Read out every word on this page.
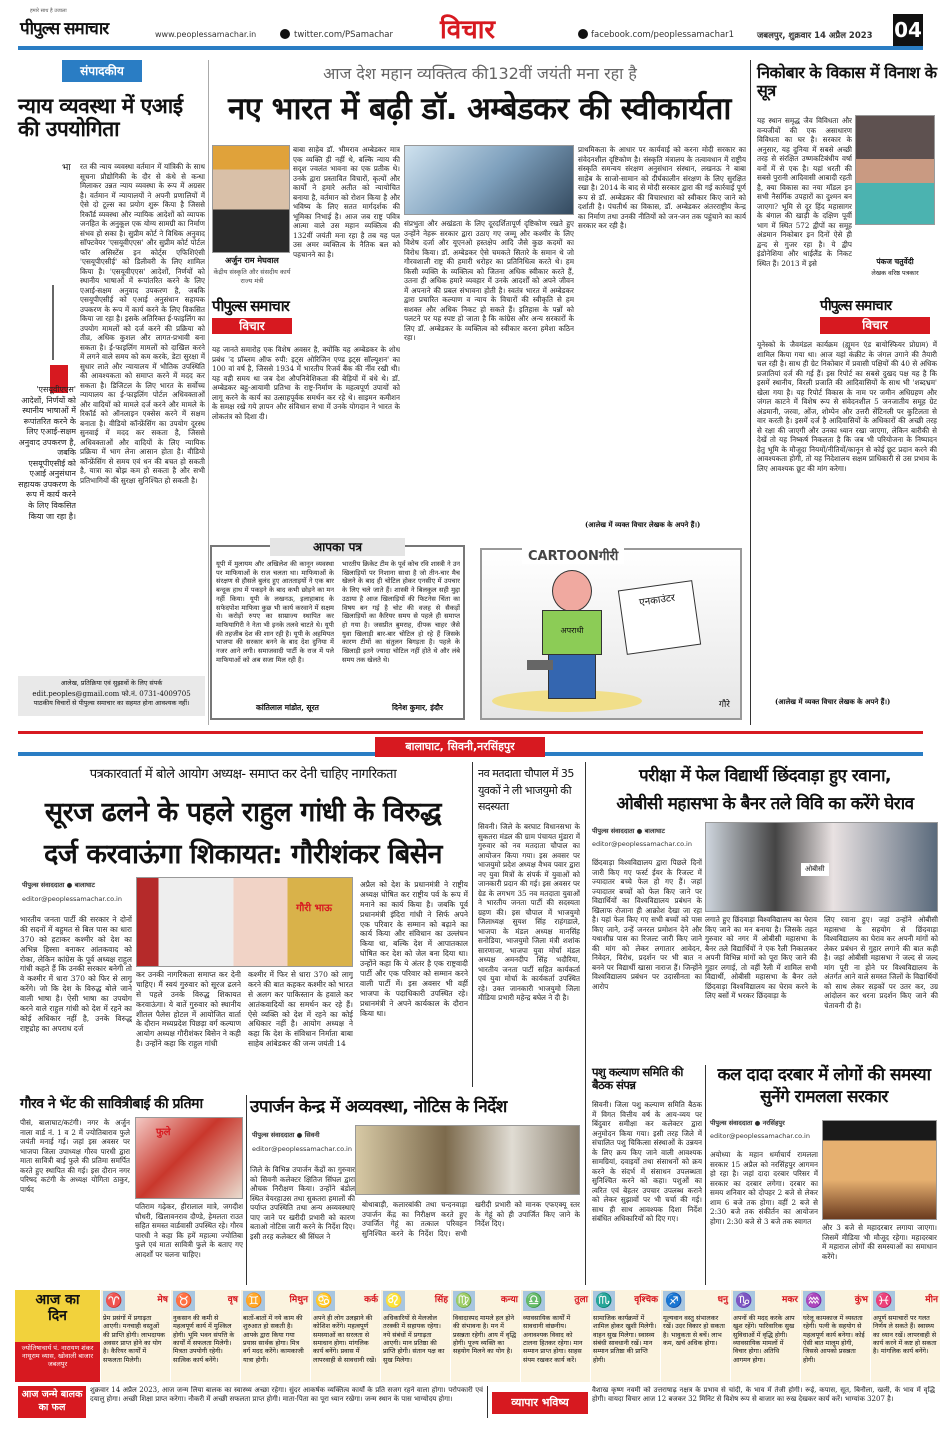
हमारे साथ है उजाला
पीपुल्स समाचार	www.peoplessamachar.in	twitter.com/PSamachar विचार	facebook.com/peoplessamachar1	जबलपुर, शुक्रवार 14 अप्रैल 2023 04
संपादकीय
न्याय व्यवस्था में एआई की उपयोगिता
भा रत की न्याय व्यवस्था वर्तमान में यांत्रिकी के साथ सूचना प्रौद्योगिकी के दौर से कंधे से कन्धा मिलाकर उन्नत न्याय व्यवस्था के रूप में अग्रसर है। वर्तमान में न्यायालयों ने अपनी प्रणालियों में ऐसे दो टूल्स का प्रयोग शुरू किया है जिससे रिकॉर्ड व्यवस्था और न्यायिक आदेशों को व्यापक जनहित के अनुकूल एक योग्य सामग्री का निर्माण संभव हो सका है। सुप्रीम कोर्ट ने विधिक अनुवाद सॉफ्टवेयर 'एसयूवीएएस' और सुप्रीम कोर्ट पोर्टल फॉर असिस्टेंस इन कोर्ट्स एफिशिएंसी 'एसयूपीएसीई' को डिलीवरी के लिए शामिल किया है। 'एसयूवीएएस' आदेशों, निर्णयों को स्थानीय भाषाओं में रूपांतरित करने के लिए एआई-सक्षम अनुवाद उपकरण है, जबकि एसयूपीएसीई को एआई अनुसंधान सहायक उपकरण के रूप में कार्य करने के लिए विकसित किया जा रहा है। इसके अतिरिक्त ई-फाइलिंग का उपयोग मामलों को दर्ज करने की प्रक्रिया को तीव्र, अधिक कुशल और लागत-प्रभावी बना सकता है। ई-फाइलिंग मामलों को दाखिल करने में लगने वाले समय को कम करके, डेटा सुरक्षा में सुधार लाते और न्यायालय में भौतिक उपस्थिति की आवश्यकता को समाप्त करने में मदद कर सकता है। डिजिटल के लिए भारत के सर्वोच्च न्यायालय का ई-फाइलिंग पोर्टल अधिवक्ताओं और वादियों को मामले दर्ज करने और मामले के रिकॉर्ड को ऑनलाइन एक्सेस करने में सक्षम बनाता है। वीडियो कॉन्फ्रेंसिंग का उपयोग दूरस्थ सुनवाई में मदद कर सकता है, जिससे अधिवक्ताओं और वादियों के लिए न्यायिक प्रक्रिया में भाग लेना आसान होता है। वीडियो कॉन्फ्रेंसिंग से समय एवं धन की बचत हो सकती है, यात्रा का बोझ कम हो सकता है और सभी प्रतिभागियों की सुरक्षा सुनिश्चित हो सकती है।
'एसयूवीएएस' आदेशों, निर्णयों को स्थानीय भाषाओं में रूपांतरित करने के लिए एआई-सक्षम अनुवाद उपकरण है, जबकि एसयूपीएसीई को एआई अनुसंधान सहायक उपकरण के रूप में कार्य करने के लिए विकसित किया जा रहा है।
आलेख, प्रतिक्रिया एवं सुझावों के लिए संपर्क
edit.peoples@gmail.com फो.नं. 0731-4009705
पाठकीय विचारों से पीपुल्स समाचार का सहमत होना आवश्यक नहीं।
आज देश महान व्यक्तित्व की132वीं जयंती मना रहा है
नए भारत में बढ़ी डॉ. अम्बेडकर की स्वीकार्यता
अर्जुन राम मेघवाल
केंद्रीय संस्कृति और संसदीय कार्य राज्य मंत्री
पीपुल्स समाचार
विचार
बाबा साहेब डॉ. भीमराव अम्बेडकर मात्र एक व्यक्ति ही नहीं थे, बल्कि न्याय की सदृश ज्वलंत भावना का एक प्रतीक थे। उनके द्वारा प्रस्तावित विचारों, कृत्यों और कार्यों ने हमारे अतीत को न्यायोचित बनाया है, वर्तमान को रोशन किया है और भविष्य के लिए सतत मार्गदर्शक की भूमिका निभाई है। आज जब राष्ट्र पवित्र आत्मा वाले उस महान व्यक्तित्व की 132वीं जयंती मना रहा है तब यह पल उस अमर व्यक्तित्व के नैतिक बल को पहचानने का है।
यह जानते समारोह एक विशेष अवसर है, क्योंकि यह अम्बेडकर के शोध प्रबंध 'द प्रॉब्लम ऑफ रुपी: इट्स ओरिजिन एण्ड इट्स सॉल्यूशन' का 100 वां वर्ष है, जिससे 1934 में भारतीय रिजर्व बैंक की नींव रखी थी। यह वही समय था जब देश औपनिवेशिकता की बेड़ियों में बंधे थे। डॉ. अम्बेडकर बहु-आयामी प्रतिभा के राष्ट्र-निर्माण के महत्वपूर्ण उपायों को लागू करने के कार्य का उत्साहपूर्वक समर्थन कर रहे थे। साइमन कमीशन के समक्ष रखे गये ज्ञापन और संविधान सभा में उनके योगदान ने भारत के लोकतंत्र को दिशा दी।
संप्रभुता और अखंडता के लिए दूरदर्शितापूर्ण दृष्टिकोण रखते हुए उन्होंने नेहरू सरकार द्वारा उठाए गए जम्मू और कश्मीर के लिए विशेष दर्जा और यूएनओ हस्तक्षेप आदि जैसे कुछ कदमों का विरोध किया। डॉ. अम्बेडकर ऐसे चमकते सितारे के समान थे जो गौरवशाली राष्ट्र की हमारी धरोहर का प्रतिनिधित्व करते थे। हम किसी व्यक्ति के व्यक्तित्व को जितना अधिक स्वीकार करते हैं, उतना ही अधिक हमारे व्यवहार में उनके आदर्शों को अपने जीवन में अपनाने की प्रबल संभावना होती है। स्वतंत्र भारत में अम्बेडकर द्वारा प्रचारित कल्याण व न्याय के विचारों की स्वीकृति से हम सशक्त और अधिक निकट हो सकते हैं। इतिहास के पन्नों को पलटने पर यह स्पष्ट हो जाता है कि कांग्रेस और अन्य सरकारों के लिए डॉ. अम्बेडकर के व्यक्तित्व को स्वीकार करना हमेशा कठिन रहा।
प्राथमिकता के आधार पर कार्यवाई को करना मोदी सरकार का संवेदनशील दृष्टिकोण है। संस्कृति मंत्रालय के तत्वावधान में राष्ट्रीय संस्कृति समन्वय संरक्षण अनुसंधान संस्थान, लखनऊ ने बाबा साहेब के साजो-सामान को दीर्घकालीन संरक्षण के लिए सुरक्षित रखा है। 2014 के बाद से मोदी सरकार द्वारा की गई कार्रवाई पूर्ण रूप से डॉ. अम्बेडकर की विचारधारा को स्वीकार किए जाने को दर्शाती है। पंचतीर्थ का विकास, डॉ. अम्बेडकर अंतरराष्ट्रीय केन्द्र का निर्माण तथा उनकी नीतियों को जन-जन तक पहुंचाने का कार्य सरकार कर रही है।
(आलेख में व्यक्त विचार लेखक के अपने हैं।)
निकोबार के विकास में विनाश के सूत्र
यह स्थान समृद्ध जैव विविधता और वन्यजीवों की एक असाधारण विविधता का घर है। सरकार के अनुसार, यह दुनिया में सबसे अच्छी तरह से संरक्षित उष्णकटिबंधीय वर्षा वनों में से एक है। यहां धरती की सबसे पुरानी आदिवासी आबादी रहती है, क्या विकास का नया मॉडल इन सभी नैसर्गिक उपहारों का दुश्मन बन जाएगा? भूमि से दूर हिंद महासागर के बंगाल की खाड़ी के दक्षिण पूर्वी भाग में स्थित 572 द्वीपों का समूह अंडमान निकोबार इन दिनों ऐसे ही द्वन्द से गुजर रहा है। ये द्वीप इंडोनेशिया और थाईलैंड के निकट स्थित हैं। 2013 में इसे	पंकज चतुर्वेदी
लेखक वरिष्ठ पत्रकार
पीपुल्स समाचार
विचार
यूनेस्को के जैवमंडल कार्यक्रम (ह्यूमन एंड बायोस्फियर प्रोग्राम) में शामिल किया गया था। आज यहां कंक्रीट के जंगल उगाने की तैयारी चल रही है। साथ ही ग्रेट निकोबार में प्रवासी पक्षियों की 40 से अधिक प्रजातियां दर्ज की गई हैं। इस रिपोर्ट का सबसे दुखद पक्ष यह है कि इसमें स्थानीय, विरली प्रजाति की आदिवासियों के साथ भी 'शब्दभ्रम' खेला गया है। यह रिपोर्ट विकास के नाम पर जमीन अधिग्रहण और जंगल काटने में विशेष रूप से संवेदनशील 5 जनजातीय समूह ग्रेट अंडमानी, जरवा, ओंज, शोम्पेन और उत्तरी सेंटिनली पर कुटिलता से वार करती है। इसमें दर्ज है आदिवासियों के अधिकारों की अच्छी तरह से रक्षा की जाएगी और उनका ध्यान रखा जाएगा, लेकिन बारीकी से देखें तो यह निष्कर्ष निकलता है कि जब भी परियोजना के निष्पादन हेतु भूमि के मौजूदा नियमों/नीतियों/कानून से कोई छूट प्रदान करने की आवश्यकता होगी, तो यह निदेशालय सक्षम प्राधिकारी से उस प्रभाव के लिए आवश्यक छूट की मांग करेगा।
(आलेख में व्यक्त विचार लेखक के अपने हैं।)
आपका पत्र
यूपी में मुलायम और अखिलेश की कानून व्यवस्था पर माफियाओं के राज चलता था। माफियाओं के संरक्षण से हौसले बुलंद हुए आतताइयों ने एक बार बन्दूक हाथ में पकड़ने के बाद कभी छोड़ने का मन नहीं किया। यूपी के लखनऊ, इलाहाबाद के सफेदपोश माफिया कुछ भी कार्य करवाने में सक्षम थे। करोड़ों रुपए का साम्राज्य स्थापित कर माफियागिरी ने नेता भी इनके तलवे चाटते थे। यूपी की तहजीब देश की शान रही है। यूपी के अहमियत भाजपा की सरकार बनने के बाद देश दुनिया में नजर आने लगी। समाजवादी पार्टी के राज में पले माफियाओं को अब सजा मिल रही है।
कांतिलाल मांडोत, सूरत
भारतीय क्रिकेट टीम के पूर्व कोच रवि शास्त्री ने उन खिलाड़ियों पर निशाना साधा है जो तीन-चार मैच खेलने के बाद ही चोटिल होकर एनसीए में उपचार के लिए चले जाते हैं। शास्त्री ने बिलकुल सही मुद्दा उठाया है आज खिलाड़ियों की फिटनेस चिंता का विषय बन गई है चोट की वजह से सैकड़ों खिलाड़ियों का कैरियर समय से पहले ही समाप्त हो गया है। जसप्रीत बुमराह, दीपक चाहर जैसे युवा खिलाड़ी बार-बार चोटिल हो रहे हैं जिसके कारण टीमों का संतुलन बिगड़ता है। पहले के खिलाड़ी इतने ज्यादा चोटिल नहीं होते थे और लंबे समय तक खेलते थे।
दिनेश कुमार, इंदौर
CARTOONगीरी
अपराधी
एनकाउंटर
गौरे
बालाघाट, सिवनी,नरसिंहपुर
पत्रकारवार्ता में बोले आयोग अध्यक्ष- समाप्त कर देनी चाहिए नागरिकता
सूरज ढलने के पहले राहुल गांधी के विरुद्ध
दर्ज करवाऊंगा शिकायत: गौरीशंकर बिसेन
पीपुल्स संवाददाता ● बालाघाट
editor@peoplessamachar.co.in
भारतीय जनता पार्टी की सरकार ने दोनों की सदनों में बहुमत से बिल पास का धारा 370 को हटाकर कश्मीर को देश का अभिन्न हिस्सा बनाकर आंतकवाद को रोका, लेकिन कांग्रेस के पूर्व अध्यक्ष राहुल गांधी कहते हैं कि उनकी सरकार बनेगी तो वे कश्मीर में धारा 370 को फिर से लागू करेंगे। जो कि देश के विरुद्ध बोले जाने वाली भाषा है। ऐसी भाषा का उपयोग करने वाले राहुल गांधी को देश में रहने का कोई अधिकार नहीं है, उनके विरुद्ध राष्ट्रद्रोह का अपराध दर्ज
गौरी भाऊ
कर उनकी नागरिकता समाप्त कर देनी चाहिए। मैं स्वयं गुरुवार को सूरज ढलने से पहले उनके विरुद्ध शिकायत करवाऊंगा। ये बातें गुरुवार को स्थानीय शीतल पैलेस होटल में आयोजित वार्ता के दौरान मध्यप्रदेश पिछड़ा वर्ग कल्याण आयोग अध्यक्ष गौरीशंकर बिसेन ने कही है। उन्होंने कहा कि राहुल गांधी
कश्मीर में फिर से धारा 370 को लागू करने की बात कहकर कश्मीर को भारत से अलग कर पाकिस्तान के हवाले कर आतंकवादियों का समर्थन कर रहे हैं। ऐसे व्यक्ति को देश में रहने का कोई अधिकार नहीं है। आयोग अध्यक्ष ने कहा कि देश के संविधान निर्माता बाबा साहेब आंबेडकर की जन्म जयंती 14
अप्रैल को देश के प्रधानमंत्री ने राष्ट्रीय अध्यक्ष घोषित कर राष्ट्रीय पर्व के रूप में मनाने का कार्य किया है। जबकि पूर्व प्रधानमंत्री इंदिरा गांधी ने सिर्फ अपने एक परिवार के सम्मान को बढ़ाने का कार्य किया और संविधान का उल्लंघन किया था, बल्कि देश में आपातकाल घोषित कर देश को जेल बना दिया था। उन्होंने कहा कि ये अंतर है एक राष्ट्रवादी पार्टी और एक परिवार को सम्मान करने वाली पार्टी में। इस अवसर भी वहीं भाजपा के पदाधिकारी उपस्थित रहे। प्रधानमंत्री ने अपने कार्यकाल के दौरान किया था।
नव मतदाता चौपाल में 35 युवकों ने ली भाजयुमो की सदस्यता
सिवनी। जिले के बरघाट विधानसभा के सुकतरा मंडल की ग्राम पंचायत मुंडारा में गुरुवार को नव मतदाता चौपाल का आयोजन किया गया। इस अवसर पर भाजयुमो प्रदेश अध्यक्ष वैभव पवार द्वारा नए युवा मित्रों के संपर्क में युवाओं को जानकारी प्रदान की गई। इस अवसर पर ग्रेड के लगभग 35 नव मतदाता युवाओं ने भारतीय जनता पार्टी की सदस्यता ग्रहण की। इस चौपाल में भाजयुमो जिलाध्यक्ष सुयश सिंह राहंगडाले, भाजपा के मंडल अध्यक्ष मानसिंह सनोडिया, भाजयुमो जिला मंत्री शशांक सारणाजा, भाजपा युवा मोर्चा मंडल अध्यक्ष अमनदीप सिंह भदौरिया, भारतीय जनता पार्टी सहित कार्यकर्ता एवं युवा मोर्चा के कार्यकर्ता उपस्थित रहे। उक्त जानकारी भाजयुमो जिला मीडिया प्रभारी महेन्द्र बघेल ने दी है।
परीक्षा में फेल विद्यार्थी छिंदवाड़ा हुए रवाना,
ओबीसी महासभा के बैनर तले विवि का करेंगे घेराव
पीपुल्स संवाददाता ● बालाघाट
editor@peoplessamachar.co.in
छिंदवाड़ा विश्वविद्यालय द्वारा पिछले दिनों जारी किए गए फर्स्ट ईयर के रिजल्ट में ज्यादातर बच्चे फेल हो गए हैं। जहां ज्यादातर बच्चों को फेल किए जाने पर विद्यार्थियों का विश्वविद्यालय प्रबंधन के खिलाफ रोजाना ही आक्रोश देखा जा रहा है। यहां फेल किए गए सभी बच्चों को पास किए जाने, उन्हें जनरल प्रमोशन देने और यथाशीघ्र पास का रिजल्ट जारी किए जाने की मांग को लेकर लगातार आवेदन, निवेदन, विरोध, प्रदर्शन पर भी बात न बनने पर विद्यार्थी खासा नाराज हैं। जिन्होंने विश्वविद्यालय प्रबंधन पर उदासीनता का आरोप
ओबीसी
लगाते हुए छिंदवाड़ा विश्वविद्यालय का घेराव किए जाने का मन बनाया है। जिसके तहत गुरुवार को नगर में ओबीसी महासभा के बैनर तले विद्यार्थियों ने एक रैली निकालकर अपनी विभिन्न मांगों को पूरा किए जाने की गुहार लगाई, तो वहीं रैली में शामिल सभी विद्यार्थी, ओबीसी महासभा के बैनर तले छिंदवाड़ा विश्वविद्यालय का घेराव करने के लिए बसों में भरकर छिंदवाड़ा के
लिए रवाना हुए। जहां उन्होंने ओबीसी महासभा के सहयोग से छिंदवाड़ा विश्वविद्यालय का घेराव कर अपनी मांगों को लेकर प्रबंधन से गुहार लगाने की बात कही है। जहां ओबीसी महासभा ने जल्द से जल्द मांग पूरी ना होने पर विश्वविद्यालय के अंतर्गत आने वाले समस्त जिलों के विद्यार्थियों को साथ लेकर सड़कों पर उतर कर, उग्र आंदोलन कर धरना प्रदर्शन किए जाने की चेतावनी दी है।
पशु कल्याण समिति की बैठक संपन्न
सिवनी। जिला पशु कल्याण समिति बैठक में विगत वित्तीय वर्ष के आय-व्यय पर बिंदुवार समीक्षा कर कलेक्टर द्वारा अनुमोदन किया गया। इसी तरह जिले में संचालित पशु चिकित्सा संस्थाओं के उन्नयन के लिए क्रय किए जाने वाली आवश्यक सामग्रियां, दवाइयों तथा संसाधनों को क्रय करने के संदर्भ में संसाधन उपलब्धता सुनिश्चित करने को कहा। पशुओं का त्वरित एवं बेहतर उपचार उपलब्ध कराने को लेकर सुझावों पर भी चर्चा की गई। साथ ही साथ आवश्यक दिशा निर्देश संबंधित अधिकारियों को दिए गए।
कल दादा दरबार में लोगों की समस्या सुनेंगे रामलला सरकार
पीपुल्स संवाददाता ● नरसिंहपुर
editor@peoplessamachar.co.in
अयोध्या के महान धर्माचार्य रामलला सरकार 15 अप्रैल को नरसिंहपुर आगमन हो रहा है। जहां दादा दरबार परिसर में सरकार का दरबार लगेगा। दरबार का समय शनिवार को दोपहर 2 बजे से लेकर शाम 6 बजे तक होगा। वहीं 2 बजे से 2:30 बजे तक संकीर्तन का आयोजन होगा। 2:30 बजे से 3 बजे तक स्वागत
और 3 बजे से महादरबार लगाया जाएगा। जिसमें मीडिया भी मौजूद रहेगा। महादरबार में महाराज लोगों की समस्याओं का समाधान करेंगे।
गौरव ने भेंट की सावित्रीबाई की प्रतिमा
पीसं, बालाघाट/कटंगी। नगर के अर्जुन नाला वार्ड नं. 1 व 2 में ज्योतिबाराव फुले जयंती मनाई गई। जहां इस अवसर पर भाजपा जिला उपाध्यक्ष गौरव पारधी द्वारा माता सावित्री बाई फुले की प्रतिमा समर्पित करते हुए स्थापित की गई। इस दौरान नगर परिषद कटंगी के अध्यक्ष योगिता ठाकुर, पार्षद
फुले
पतिराम गढ़ेकर, हीरालाल मात्रे, जगदीश चौधरी, खिलावनराव दौण्डे, हेमलता राउत सहित समस्त वार्डवासी उपस्थित रहे। गौरव पारधी ने कहा कि हमें महात्मा ज्योतिबा फुले एवं माता सावित्री फुले के बताए गए आदर्शों पर चलना चाहिए।
उपार्जन केन्द्र में अव्यवस्था, नोटिस के निर्देश
पीपुल्स संवाददाता ● सिवनी
editor@peoplessamachar.co.in
जिले के विभिन्न उपार्जन केंद्रों का गुरुवार को सिवनी कलेक्टर क्षितिज सिंघल द्वारा औचक निरीक्षण किया। उन्होंने बंडोल स्थित वेयरहाउस तथा सुकतरा हमालों की पर्याप्त उपस्थिति तथा अन्य अव्यवस्थाएं पाए जाने पर खरीदी प्रभारी को कारण बताओ नोटिस जारी करने के निर्देश दिए। इसी तरह कलेक्टर श्री सिंघल ने
बोथाबाड़ी, कलारबांकी तथा चन्दनवाड़ा उपार्जन केंद्र का निरीक्षण करते हुए उपार्जित गेहूं का तत्काल परिवहन सुनिश्चित करने के निर्देश दिए। सभी खरीदी प्रभारी को मानक एफएक्यू स्तर के गेहूं को ही उपार्जित किए जाने के निर्देश दिए।
आज का दिन
ज्योतिषाचार्य पं. नारायण शंकर नाथूराम व्यास, खोवाली बाजार जबलपुर
♈	मेष
प्रेम प्रसंगों में प्रगाढ़ता आएगी। मनचाही वस्तुओं की प्राप्ति होगी। लाभदायक अवसर प्राप्त होने का योग है। कैरियर कार्यों में सफलता मिलेगी।
♉	वृष
नुकसान की कमी से महत्वपूर्ण कार्य में मुश्किल होगी। भूमि भवन संपत्ति के कार्यों में सफलता मिलेगी। मित्रता उपयोगी रहेगी। सात्विक कार्य बनेंगे।
♊	मिथुन
बातों-बातों में नये काम की शुरुआत हो सकती है। आपके द्वारा किया गया प्रयास सार्थक होगा। मित्र वर्ग मदद करेंगे। कामकाजी यात्रा होगी।
♋	कर्क
अपने ही लोग उलझाने की कोशिश करेंगे। महत्वपूर्ण समस्याओं का सरलता से समाधान होगा। मांगलिक कार्य बनेंगे। प्रवास में लापरवाही से सावधानी रखें।
♌	सिंह
अधिकारियों से मेलजोल तरक्की में सहायक रहेगा। नये संबंधों में प्रगाढ़ता आएगी। मान प्रतिष्ठा की प्राप्ति होगी। संतान पक्ष का सुख मिलेगा।
♍	कन्या
विवादास्पद मामले हल होने की संभावना है। मन में प्रसन्नता रहेगी। आय में वृद्धि होगी। पूज्य व्यक्ति का सहयोग मिलने का योग है।
♎	तुला
व्यावसायिक कार्यों में सावधानी वांछनीय। अनावश्यक विवाद को टालना हितकर रहेगा। मान सम्मान प्राप्त होगा। साहस संयम रखकर कार्य करें।
♏ वृश्चिक
सामाजिक कार्यक्रमों में शामिल होकर खुशी मिलेगी। वाहन सुख मिलेगा। स्वास्थ्य संबंधी सावधानी रखें। मान सम्मान प्रतिष्ठा की प्राप्ति होगी।
♐	धनु
मूल्यवान वस्तु संभालकर रखें। उदर विकार हो सकता है। भावुकता से बचें। लाभ कम, खर्च अधिक होगा।
♑	मकर
अपनों की मदद करके आप खुश रहेंगे। पारिवारिक सुख सुविधाओं में वृद्धि होगी। व्यावसायिक मामलों में विचार होगा। अतिथि आगमन होगा।
♒	कुंभ
घरेलू कामकाज में व्यस्तता रहेगी। पत्नी के सहयोग से महत्वपूर्ण कार्य बनेगा। कोई ऐसी बात मालूम होगी, जिससे आपको प्रसन्नता होगी।
♓	मीन
अपूर्ण समाचारों पर गलत निर्णय ले सकते हैं। स्वास्थ्य का ध्यान रखें। लापरवाही से कार्य करने में कष्ट हो सकता है। मांगलिक कार्य बनेंगे।
आज जन्मे बालक का फल
शुक्रवार 14 अप्रैल 2023, आज जन्म लिया बालक का स्वास्थ्य अच्छा रहेगा। सुंदर आकर्षक व्यक्तित्व कार्यों के प्रति सजग रहने वाला होगा। परोपकारी एवं दयालु होगा। अच्छी शिक्षा प्राप्त करेगा। नौकरी में अच्छी सफलता प्राप्त होगी। माता-पिता का पूरा ध्यान रखेगा। जन्म स्थान के पास भाग्योदय होगा।	व्यापार भविष्य
वैशाख कृष्ण नवमी को उत्तराषाढ़ नक्षत्र के प्रभाव से चांदी, के भाव में तेजी होगी। रूई, कपास, सूत, बिनौला, खली, के भाव में वृद्धि होगी। वायदा विचार आज 12 बजकर 32 मिनिट से विशेष रूप से बाजार का रुख देखकर कार्य करें। भाग्यांक 3207 है।
